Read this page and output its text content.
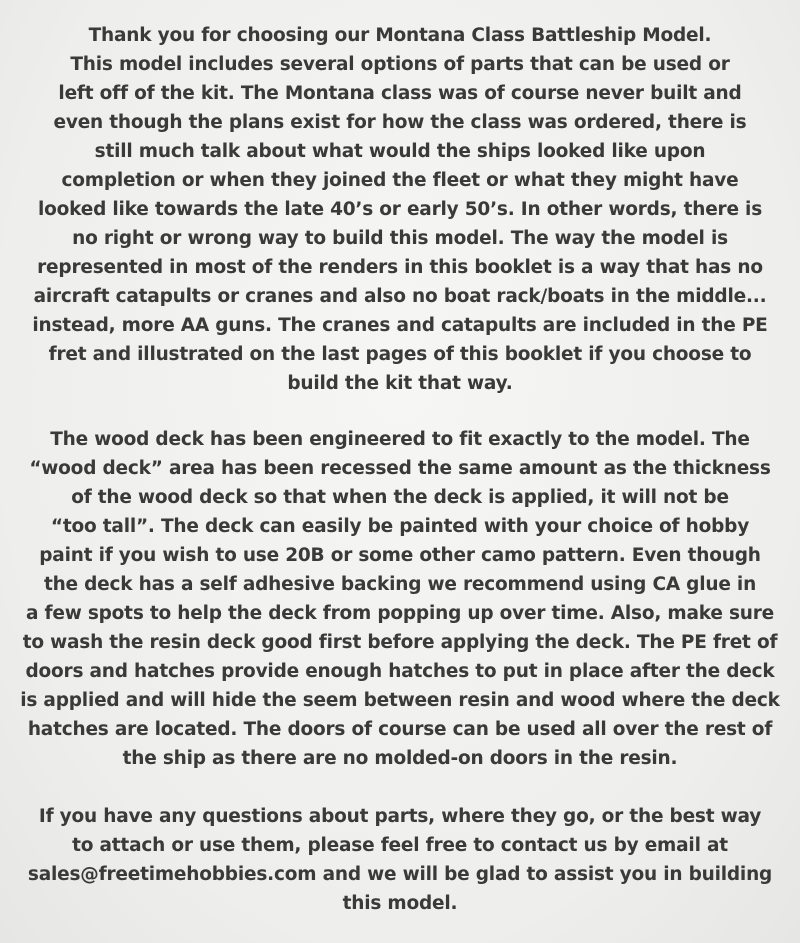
Thank you for choosing our Montana Class Battleship Model.
This model includes several options of parts that can be used or
left off of the kit. The Montana class was of course never built and
even though the plans exist for how the class was ordered, there is
still much talk about what would the ships looked like upon
completion or when they joined the fleet or what they might have
looked like towards the late 40’s or early 50’s. In other words, there is
no right or wrong way to build this model. The way the model is
represented in most of the renders in this booklet is a way that has no
aircraft catapults or cranes and also no boat rack/boats in the middle...
instead, more AA guns. The cranes and catapults are included in the PE
fret and illustrated on the last pages of this booklet if you choose to
build the kit that way.

The wood deck has been engineered to fit exactly to the model. The
“wood deck” area has been recessed the same amount as the thickness
of the wood deck so that when the deck is applied, it will not be
“too tall”. The deck can easily be painted with your choice of hobby
paint if you wish to use 20B or some other camo pattern. Even though
the deck has a self adhesive backing we recommend using CA glue in
a few spots to help the deck from popping up over time. Also, make sure
to wash the resin deck good first before applying the deck. The PE fret of
doors and hatches provide enough hatches to put in place after the deck
is applied and will hide the seem between resin and wood where the deck
hatches are located. The doors of course can be used all over the rest of
the ship as there are no molded-on doors in the resin.

If you have any questions about parts, where they go, or the best way
to attach or use them, please feel free to contact us by email at
sales@freetimehobbies.com and we will be glad to assist you in building
this model.
